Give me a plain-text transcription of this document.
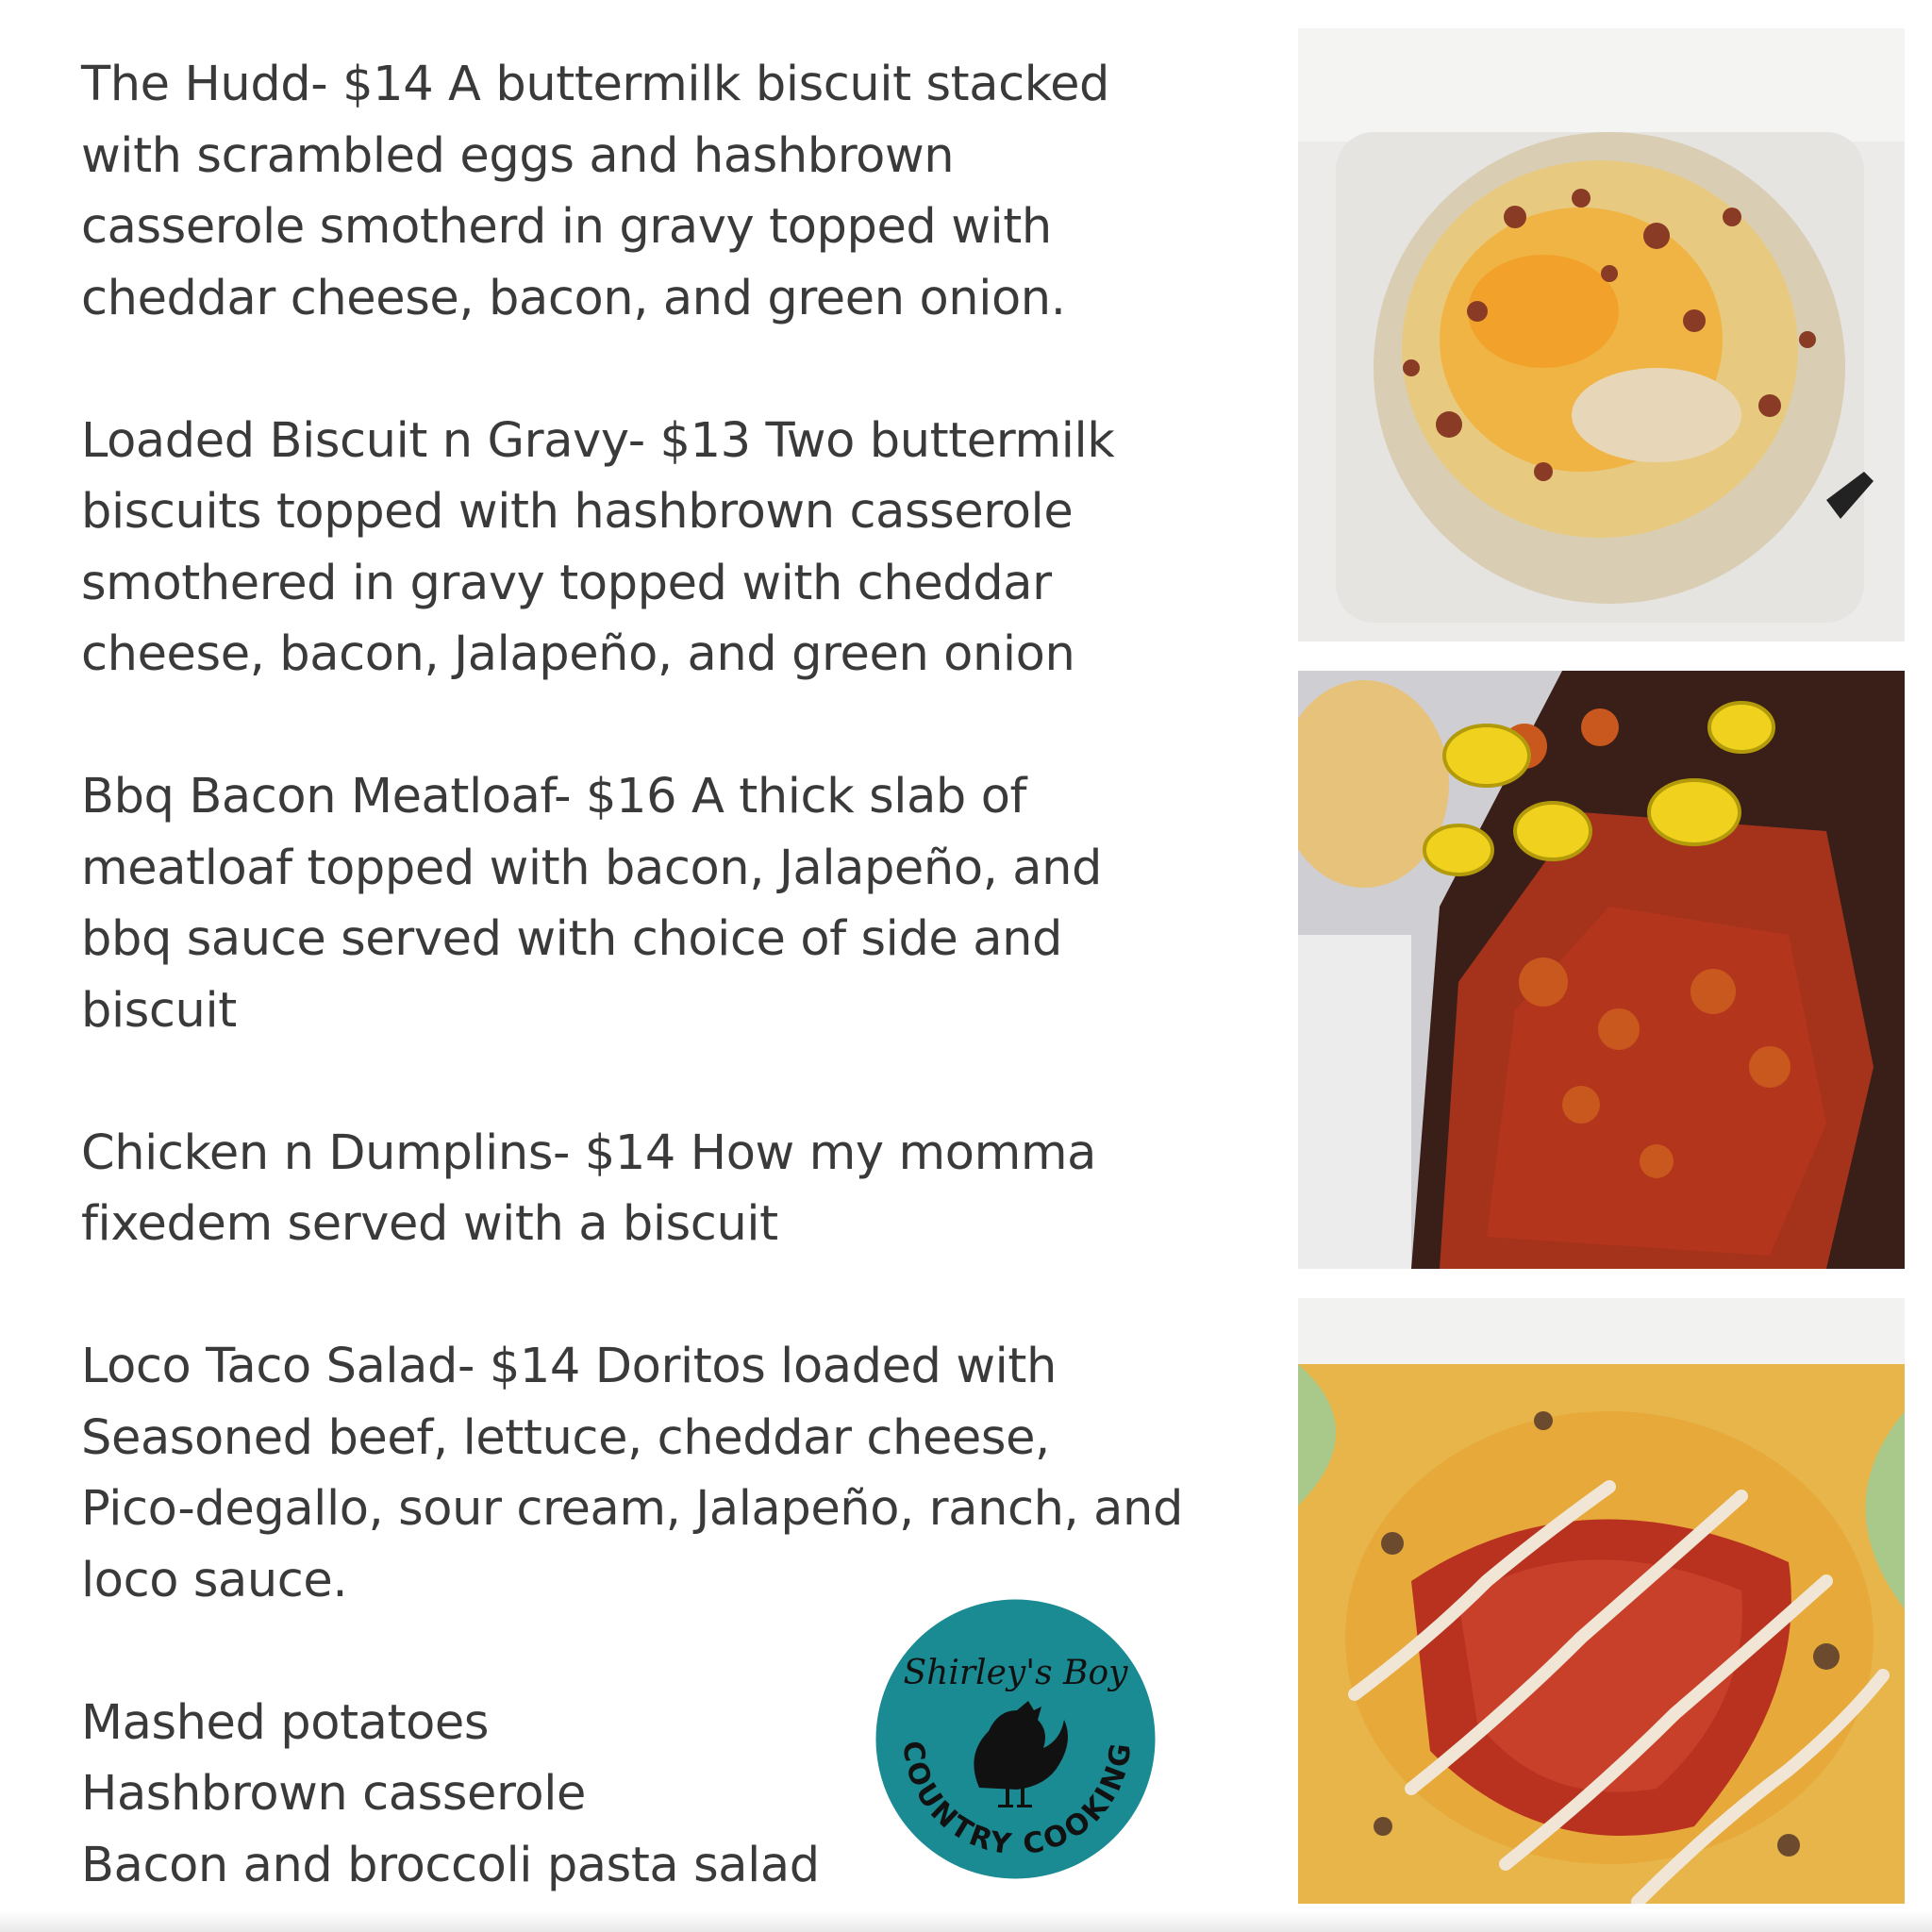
The Hudd- $14 A buttermilk biscuit stacked
with scrambled eggs and hashbrown
casserole smotherd in gravy topped with
cheddar cheese, bacon, and green onion.

Loaded Biscuit n Gravy- $13 Two buttermilk
biscuits topped with hashbrown casserole
smothered in gravy topped with cheddar
cheese, bacon, Jalapeño, and green onion

Bbq Bacon Meatloaf- $16 A thick slab of
meatloaf topped with bacon, Jalapeño, and
bbq sauce served with choice of side and
biscuit

Chicken n Dumplins- $14 How my momma
fixedem served with a biscuit

Loco Taco Salad- $14 Doritos loaded with
Seasoned beef, lettuce, cheddar cheese,
Pico-degallo, sour cream, Jalapeño, ranch, and
loco sauce.

Mashed potatoes
Hashbrown casserole
Bacon and broccoli pasta salad

Shirley's Boy
COUNTRY COOKING
